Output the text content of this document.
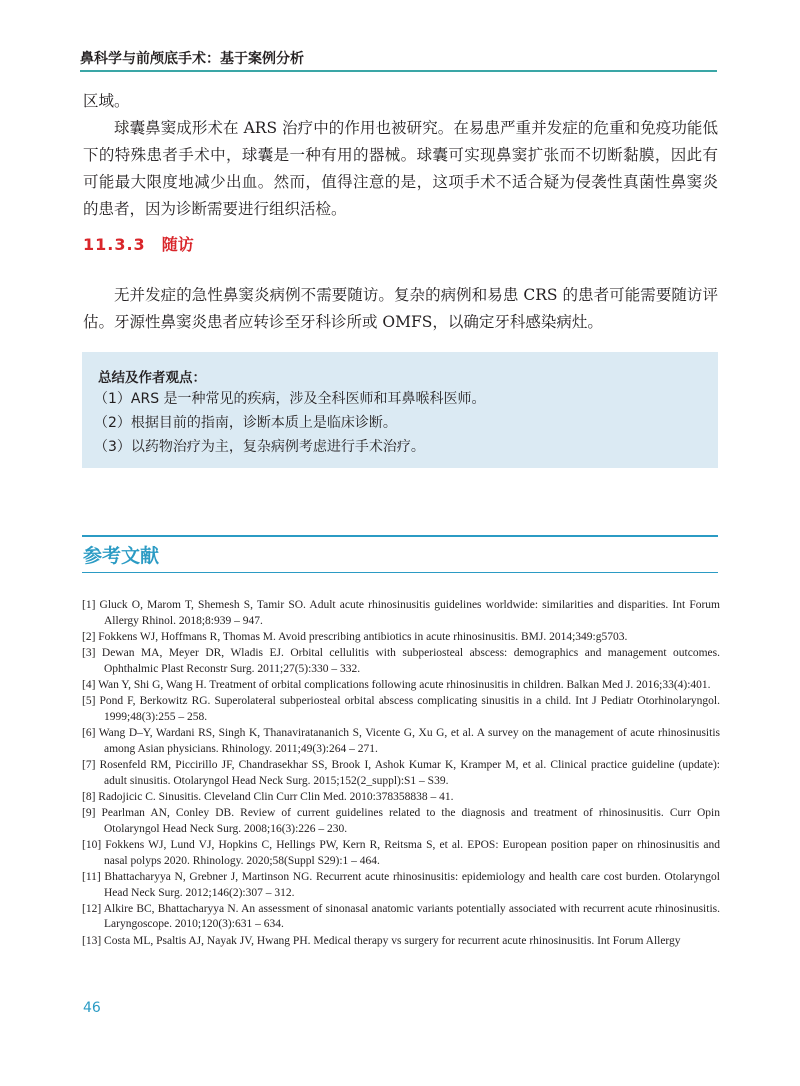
鼻科学与前颅底手术：基于案例分析

区域。

球囊鼻窦成形术在 ARS 治疗中的作用也被研究。在易患严重并发症的危重和免疫功能低下的特殊患者手术中，球囊是一种有用的器械。球囊可实现鼻窦扩张而不切断黏膜，因此有可能最大限度地减少出血。然而，值得注意的是，这项手术不适合疑为侵袭性真菌性鼻窦炎的患者，因为诊断需要进行组织活检。

11.3.3 随访

无并发症的急性鼻窦炎病例不需要随访。复杂的病例和易患 CRS 的患者可能需要随访评估。牙源性鼻窦炎患者应转诊至牙科诊所或 OMFS，以确定牙科感染病灶。

总结及作者观点：
（1）ARS 是一种常见的疾病，涉及全科医师和耳鼻喉科医师。
（2）根据目前的指南，诊断本质上是临床诊断。
（3）以药物治疗为主，复杂病例考虑进行手术治疗。
参考文献

[1] Gluck O, Marom T, Shemesh S, Tamir SO. Adult acute rhinosinusitis guidelines worldwide: similarities and disparities. Int Forum Allergy Rhinol. 2018;8:939 – 947.

[2] Fokkens WJ, Hoffmans R, Thomas M. Avoid prescribing antibiotics in acute rhinosinusitis. BMJ. 2014;349:g5703.

[3] Dewan MA, Meyer DR, Wladis EJ. Orbital cellulitis with subperiosteal abscess: demographics and management outcomes. Ophthalmic Plast Reconstr Surg. 2011;27(5):330 – 332.

[4] Wan Y, Shi G, Wang H. Treatment of orbital complications following acute rhinosinusitis in children. Balkan Med J. 2016;33(4):401.

[5] Pond F, Berkowitz RG. Superolateral subperiosteal orbital abscess complicating sinusitis in a child. Int J Pediatr Otorhinolaryngol. 1999;48(3):255 – 258.

[6] Wang D–Y, Wardani RS, Singh K, Thanaviratananich S, Vicente G, Xu G, et al. A survey on the management of acute rhinosinusitis among Asian physicians. Rhinology. 2011;49(3):264 – 271.

[7] Rosenfeld RM, Piccirillo JF, Chandrasekhar SS, Brook I, Ashok Kumar K, Kramper M, et al. Clinical practice guideline (update): adult sinusitis. Otolaryngol Head Neck Surg. 2015;152(2_suppl):S1 – S39.

[8] Radojicic C. Sinusitis. Cleveland Clin Curr Clin Med. 2010:378358838 – 41.

[9] Pearlman AN, Conley DB. Review of current guidelines related to the diagnosis and treatment of rhinosinusitis. Curr Opin Otolaryngol Head Neck Surg. 2008;16(3):226 – 230.

[10] Fokkens WJ, Lund VJ, Hopkins C, Hellings PW, Kern R, Reitsma S, et al. EPOS: European position paper on rhinosinusitis and nasal polyps 2020. Rhinology. 2020;58(Suppl S29):1 – 464.

[11] Bhattacharyya N, Grebner J, Martinson NG. Recurrent acute rhinosinusitis: epidemiology and health care cost burden. Otolaryngol Head Neck Surg. 2012;146(2):307 – 312.

[12] Alkire BC, Bhattacharyya N. An assessment of sinonasal anatomic variants potentially associated with recurrent acute rhinosinusitis. Laryngoscope. 2010;120(3):631 – 634.

[13] Costa ML, Psaltis AJ, Nayak JV, Hwang PH. Medical therapy vs surgery for recurrent acute rhinosinusitis. Int Forum Allergy

46
